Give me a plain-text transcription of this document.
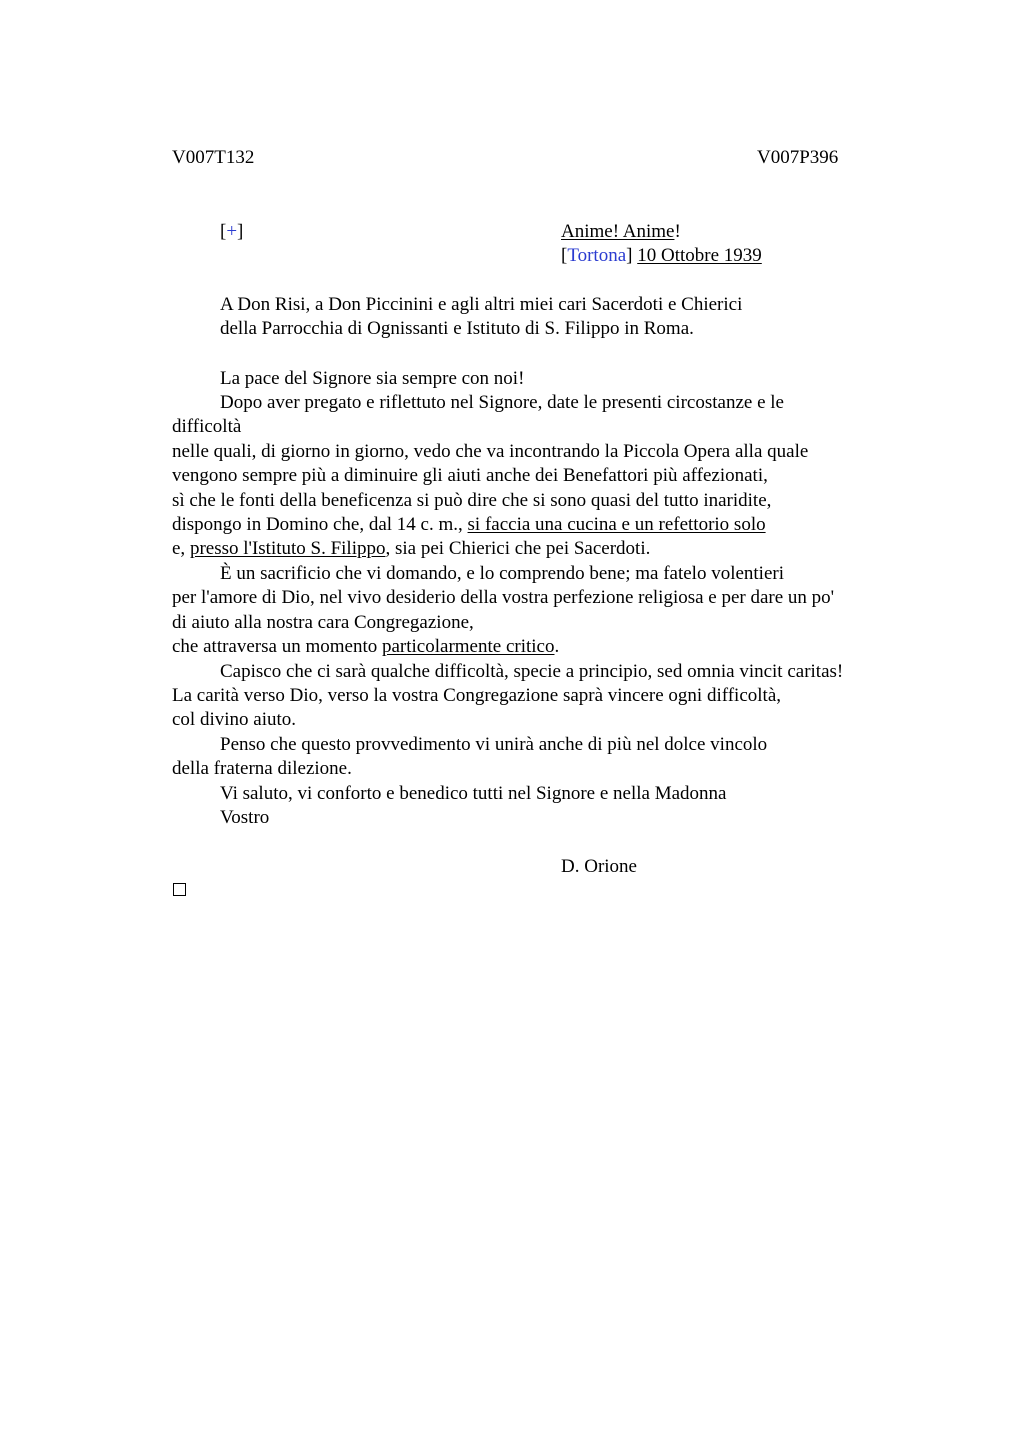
V007T132	V007P396
[+]	Anime! Anime!
[Tortona] 10 Ottobre 1939
A Don Risi, a Don Piccinini e agli altri miei cari Sacerdoti e Chierici
della Parrocchia di Ognissanti e Istituto di S. Filippo in Roma.
La pace del Signore sia sempre con noi!
Dopo aver pregato e riflettuto nel Signore, date le presenti circostanze e le
difficoltà
nelle quali, di giorno in giorno, vedo che va incontrando la Piccola Opera alla quale
vengono sempre più a diminuire gli aiuti anche dei Benefattori più affezionati,
sì che le fonti della beneficenza si può dire che si sono quasi del tutto inaridite,
dispongo in Domino che, dal 14 c. m., si faccia una cucina e un refettorio solo
e, presso l'Istituto S. Filippo, sia pei Chierici che pei Sacerdoti.
È un sacrificio che vi domando, e lo comprendo bene; ma fatelo volentieri
per l'amore di Dio, nel vivo desiderio della vostra perfezione religiosa e per dare un po'
di aiuto alla nostra cara Congregazione,
che attraversa un momento particolarmente critico.
Capisco che ci sarà qualche difficoltà, specie a principio, sed omnia vincit caritas!
La carità verso Dio, verso la vostra Congregazione saprà vincere ogni difficoltà,
col divino aiuto.
Penso che questo provvedimento vi unirà anche di più nel dolce vincolo
della fraterna dilezione.
Vi saluto, vi conforto e benedico tutti nel Signore e nella Madonna
Vostro
D. Orione
